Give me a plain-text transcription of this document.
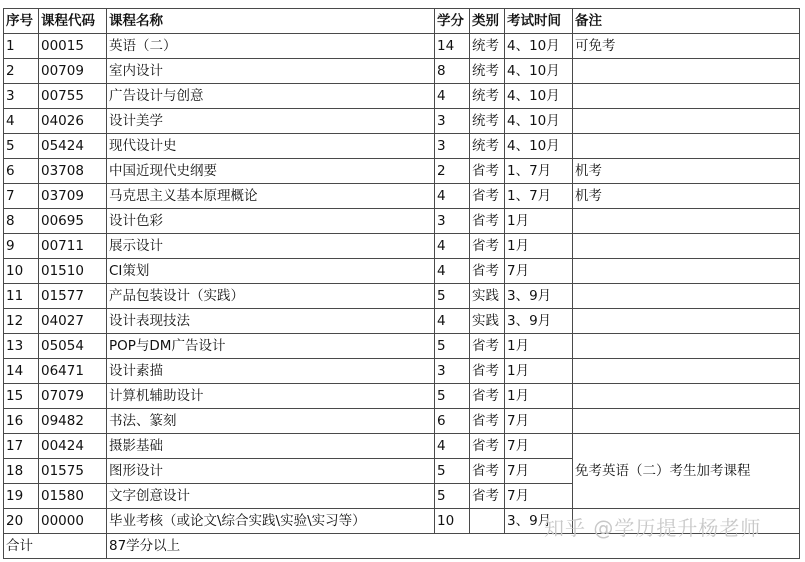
序号	课程代码	课程名称	学分	类别	考试时间	备注
1	00015	英语（二）	14	统考	4、10月	可免考
2	00709	室内设计	8	统考	4、10月	
3	00755	广告设计与创意	4	统考	4、10月	
4	04026	设计美学	3	统考	4、10月	
5	05424	现代设计史	3	统考	4、10月	
6	03708	中国近现代史纲要	2	省考	1、7月	机考
7	03709	马克思主义基本原理概论	4	省考	1、7月	机考
8	00695	设计色彩	3	省考	1月	
9	00711	展示设计	4	省考	1月	
10	01510	CI策划	4	省考	7月	
11	01577	产品包装设计（实践）	5	实践	3、9月	
12	04027	设计表现技法	4	实践	3、9月	
13	05054	POP与DM广告设计	5	省考	1月	
14	06471	设计素描	3	省考	1月	
15	07079	计算机辅助设计	5	省考	1月	
16	09482	书法、篆刻	6	省考	7月	
17	00424	摄影基础	4	省考	7月	免考英语（二）考生加考课程
18	01575	图形设计	5	省考	7月	
19	01580	文字创意设计	5	省考	7月	
20	00000	毕业考核（或论文\综合实践\实验\实习等）	10		3、9月	
合计		87学分以上				
知乎 @学历提升杨老师
